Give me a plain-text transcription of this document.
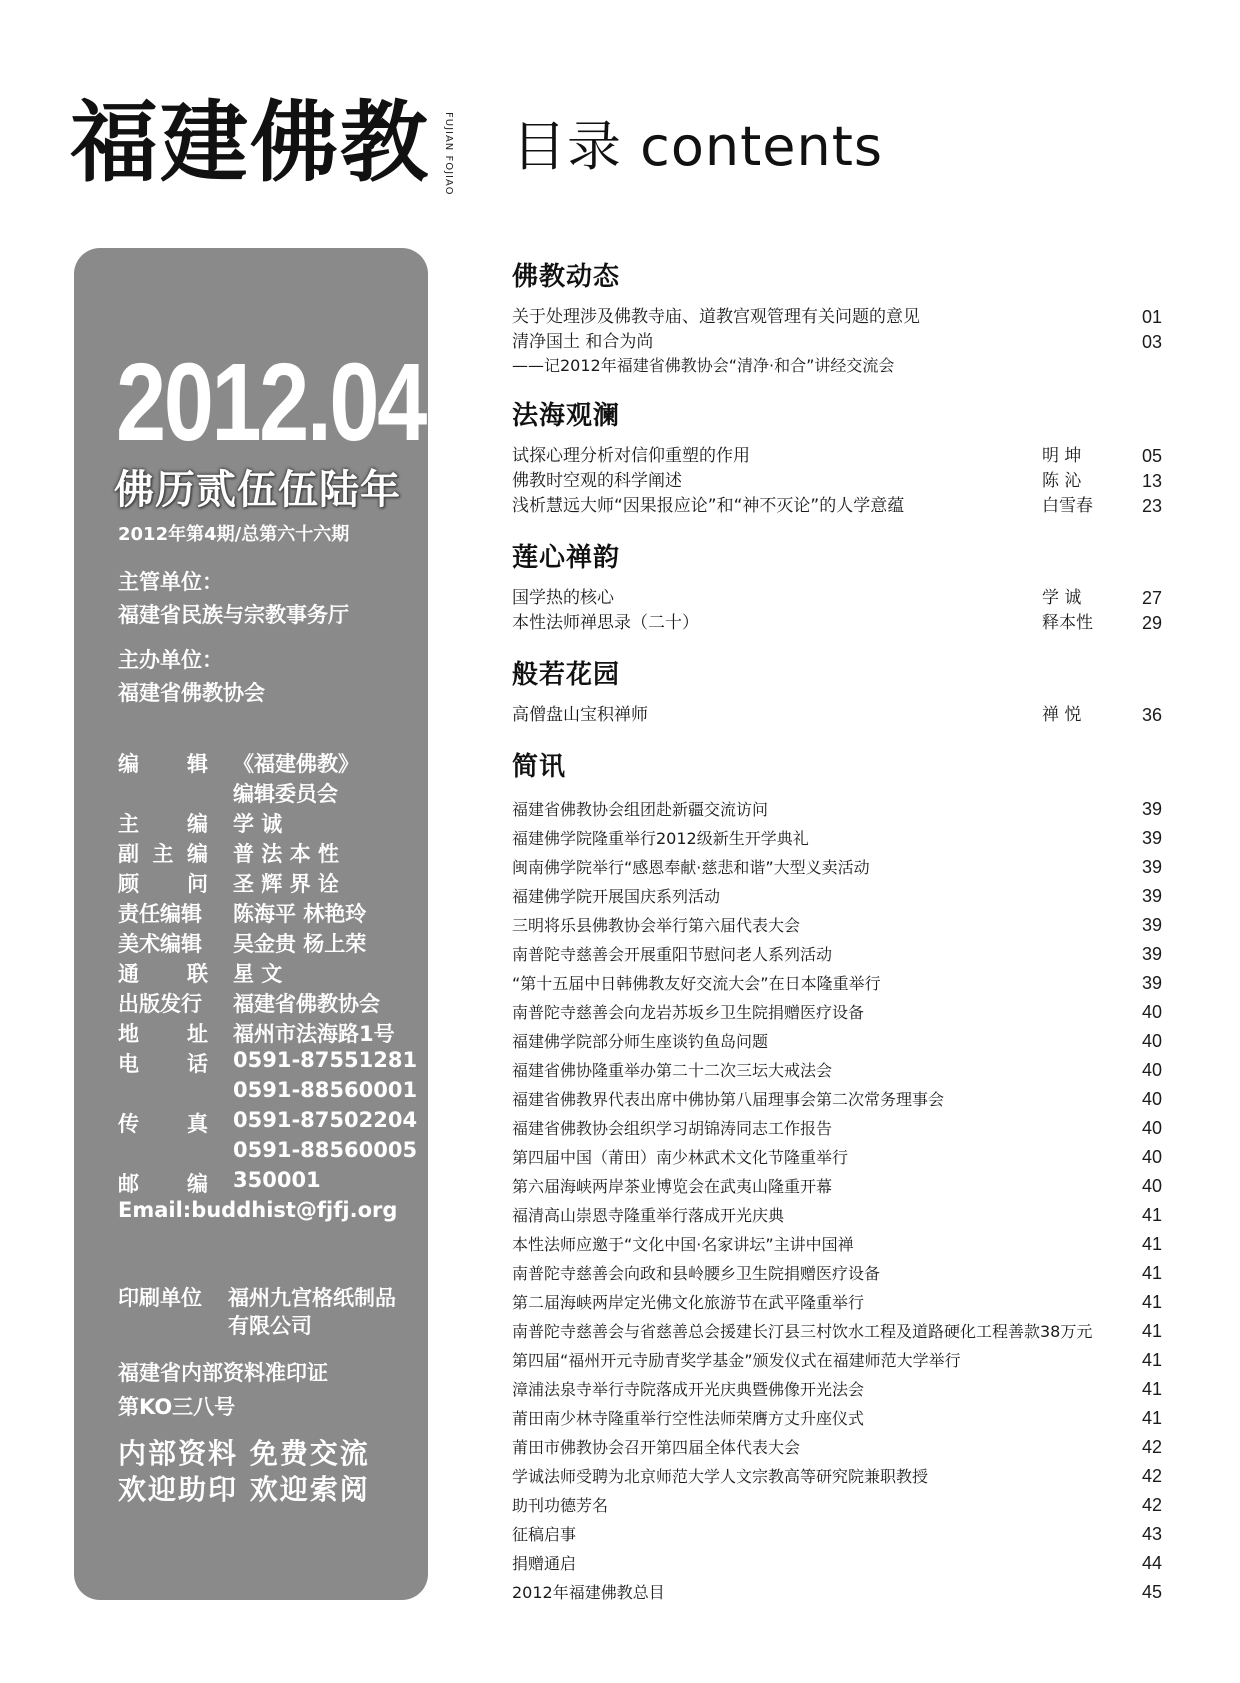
福建佛教	FUJIAN FOJIAO 目录 contents
2012.04
佛历贰伍伍陆年
2012年第4期/总第六十六期
主管单位：
福建省民族与宗教事务厅
主办单位：
福建省佛教协会
编 辑 《福建佛教》
编辑委员会
主 编 学 诚
副 主 编 普 法 本 性
顾 问 圣 辉 界 诠
责任编辑 陈海平 林艳玲
美术编辑 吴金贵 杨上荣
通 联 星 文
出版发行 福建省佛教协会
地 址 福州市法海路1号
电 话 0591-87551281
0591-88560001
传 真 0591-87502204
0591-88560005
邮 编 350001
Email:buddhist@fjfj.org
印刷单位 福州九宫格纸制品
有限公司
福建省内部资料准印证
第KO三八号
内部资料 免费交流
欢迎助印 欢迎索阅
佛教动态
关于处理涉及佛教寺庙、道教宫观管理有关问题的意见	01
清净国土 和合为尚	03
——记2012年福建省佛教协会“清净·和合”讲经交流会
法海观澜
试探心理分析对信仰重塑的作用	明 坤	05
佛教时空观的科学阐述	陈 沁	13
浅析慧远大师“因果报应论”和“神不灭论”的人学意蕴	白雪春	23
莲心禅韵
国学热的核心	学 诚	27
本性法师禅思录（二十）	释本性	29
般若花园
高僧盘山宝积禅师	禅 悦	36
简讯
福建省佛教协会组团赴新疆交流访问	39
福建佛学院隆重举行2012级新生开学典礼	39
闽南佛学院举行“感恩奉献·慈悲和谐”大型义卖活动	39
福建佛学院开展国庆系列活动	39
三明将乐县佛教协会举行第六届代表大会	39
南普陀寺慈善会开展重阳节慰问老人系列活动	39
“第十五届中日韩佛教友好交流大会”在日本隆重举行	39
南普陀寺慈善会向龙岩苏坂乡卫生院捐赠医疗设备	40
福建佛学院部分师生座谈钓鱼岛问题	40
福建省佛协隆重举办第二十二次三坛大戒法会	40
福建省佛教界代表出席中佛协第八届理事会第二次常务理事会	40
福建省佛教协会组织学习胡锦涛同志工作报告	40
第四届中国（莆田）南少林武术文化节隆重举行	40
第六届海峡两岸茶业博览会在武夷山隆重开幕	40
福清高山崇恩寺隆重举行落成开光庆典	41
本性法师应邀于“文化中国·名家讲坛”主讲中国禅	41
南普陀寺慈善会向政和县岭腰乡卫生院捐赠医疗设备	41
第二届海峡两岸定光佛文化旅游节在武平隆重举行	41
南普陀寺慈善会与省慈善总会援建长汀县三村饮水工程及道路硬化工程善款38万元	41
第四届“福州开元寺励青奖学基金”颁发仪式在福建师范大学举行	41
漳浦法泉寺举行寺院落成开光庆典暨佛像开光法会	41
莆田南少林寺隆重举行空性法师荣膺方丈升座仪式	41
莆田市佛教协会召开第四届全体代表大会	42
学诚法师受聘为北京师范大学人文宗教高等研究院兼职教授	42
助刊功德芳名	42
征稿启事	43
捐赠通启	44
2012年福建佛教总目	45
